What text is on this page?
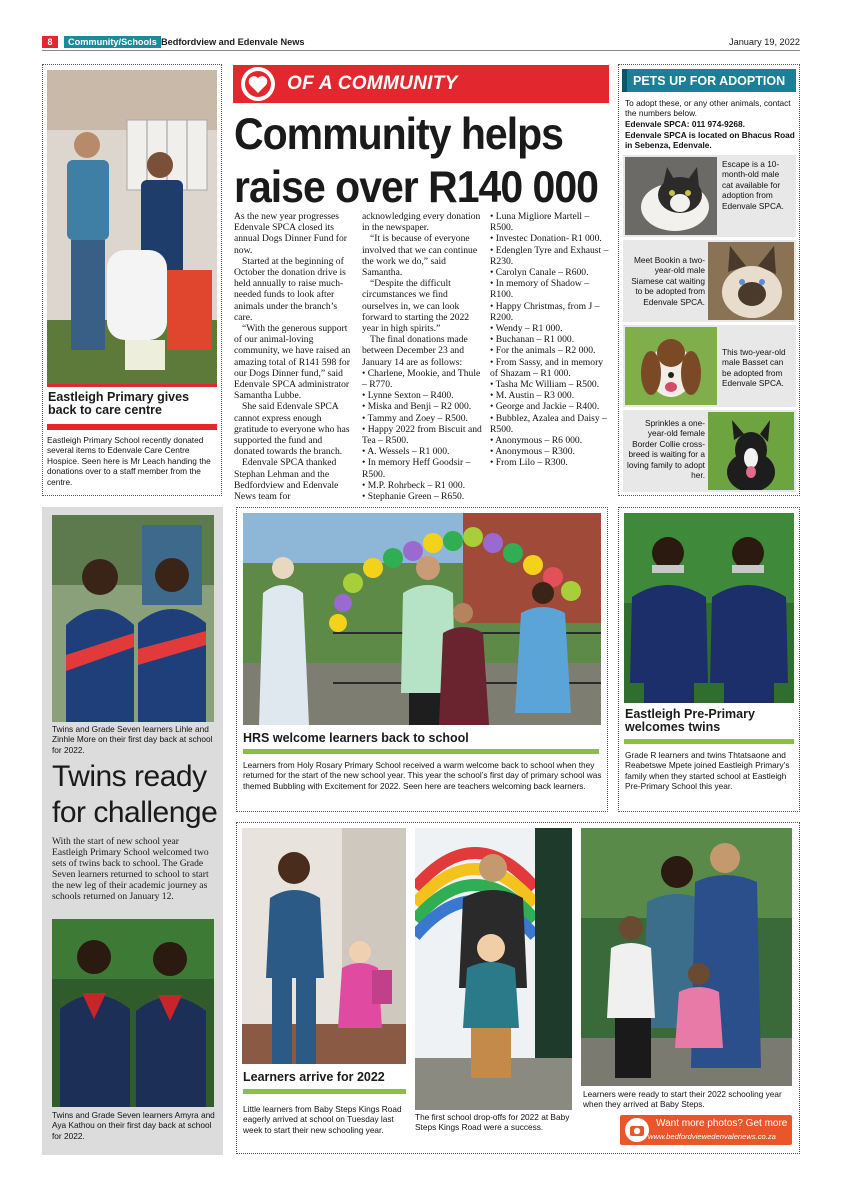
8	Community/Schools Bedfordview and Edenvale News	January 19, 2022
Eastleigh Primary gives back to care centre
Eastleigh Primary School recently donated several items to Edenvale Care Centre Hospice. Seen here is Mr Leach handing the donations over to a staff member from the centre.
OF A COMMUNITY
Community helps
raise over R140 000

As the new year progresses Edenvale SPCA closed its annual Dogs Dinner Fund for now.

Started at the beginning of October the donation drive is held annually to raise much-needed funds to look after animals under the branch’s care.

“With the generous support of our animal-loving community, we have raised an amazing total of R141 598 for our Dogs Dinner fund,” said Edenvale SPCA administrator Samantha Lubbe.

She said Edenvale SPCA cannot express enough gratitude to everyone who has supported the fund and donated towards the branch.

Edenvale SPCA thanked Stephan Lehman and the Bedfordview and Edenvale News team for

acknowledging every donation in the newspaper.

“It is because of everyone involved that we can continue the work we do,” said Samantha.

“Despite the difficult circumstances we find ourselves in, we can look forward to starting the 2022 year in high spirits.”

The final donations made between December 23 and January 14 are as follows:

• Charlene, Mookie, and Thule – R770.

• Lynne Sexton – R400.

• Miska and Benji – R2 000.

• Tammy and Zoey – R500.

• Happy 2022 from Biscuit and Tea – R500.

• A. Wessels – R1 000.

• In memory Heff Goodsir – R500.

• M.P. Rohrbeck – R1 000.

• Stephanie Green – R650.

• Luna Migliore Martell – R500.

• Investec Donation- R1 000.

• Edenglen Tyre and Exhaust – R230.

• Carolyn Canale – R600.

• In memory of Shadow – R100.

• Happy Christmas, from J – R200.

• Wendy – R1 000.

• Buchanan – R1 000.

• For the animals – R2 000.

• From Sassy, and in memory of Shazam – R1 000.

• Tasha Mc William – R500.

• M. Austin – R3 000.

• George and Jackie – R400.

• Bubblez, Azalea and Daisy – R500.

• Anonymous – R6 000.

• Anonymous – R300.

• From Lilo – R300.

PETS UP FOR ADOPTION
To adopt these, or any other animals, contact the numbers below.
Edenvale SPCA: 011 974-9268.
Edenvale SPCA is located on Bhacus Road in Sebenza, Edenvale.
Escape is a 10-month-old male cat available for adoption from Edenvale SPCA.
Meet Bookin a two-year-old male Siamese cat waiting to be adopted from Edenvale SPCA.
This two-year-old male Basset can be adopted from Edenvale SPCA.
Sprinkles a one-year-old female Border Collie cross-breed is waiting for a loving family to adopt her.
Twins and Grade Seven learners Lihle and Zinhle More on their first day back at school for 2022.
Twins ready
for challenge
With the start of new school year Eastleigh Primary School welcomed two sets of twins back to school. The Grade Seven learners returned to school to start the new leg of their academic journey as schools returned on January 12.
Twins and Grade Seven learners Amyra and Aya Kathou on their first day back at school for 2022.
HRS welcome learners back to school
Learners from Holy Rosary Primary School received a warm welcome back to school when they returned for the start of the new school year. This year the school’s first day of primary school was themed Bubbling with Excitement for 2022. Seen here are teachers welcoming back learners.
Eastleigh Pre-Primary welcomes twins
Grade R learners and twins Thtatsaone and Reabetswe Mpete joined Eastleigh Primary’s family when they started school at Eastleigh Pre-Primary School this year.
Learners arrive for 2022
Little learners from Baby Steps Kings Road eagerly arrived at school on Tuesday last week to start their new schooling year.
The first school drop-offs for 2022 at Baby Steps Kings Road were a success.
Learners were ready to start their 2022 schooling year when they arrived at Baby Steps.
Want more photos? Get more
www.bedfordviewedenvalenews.co.za
